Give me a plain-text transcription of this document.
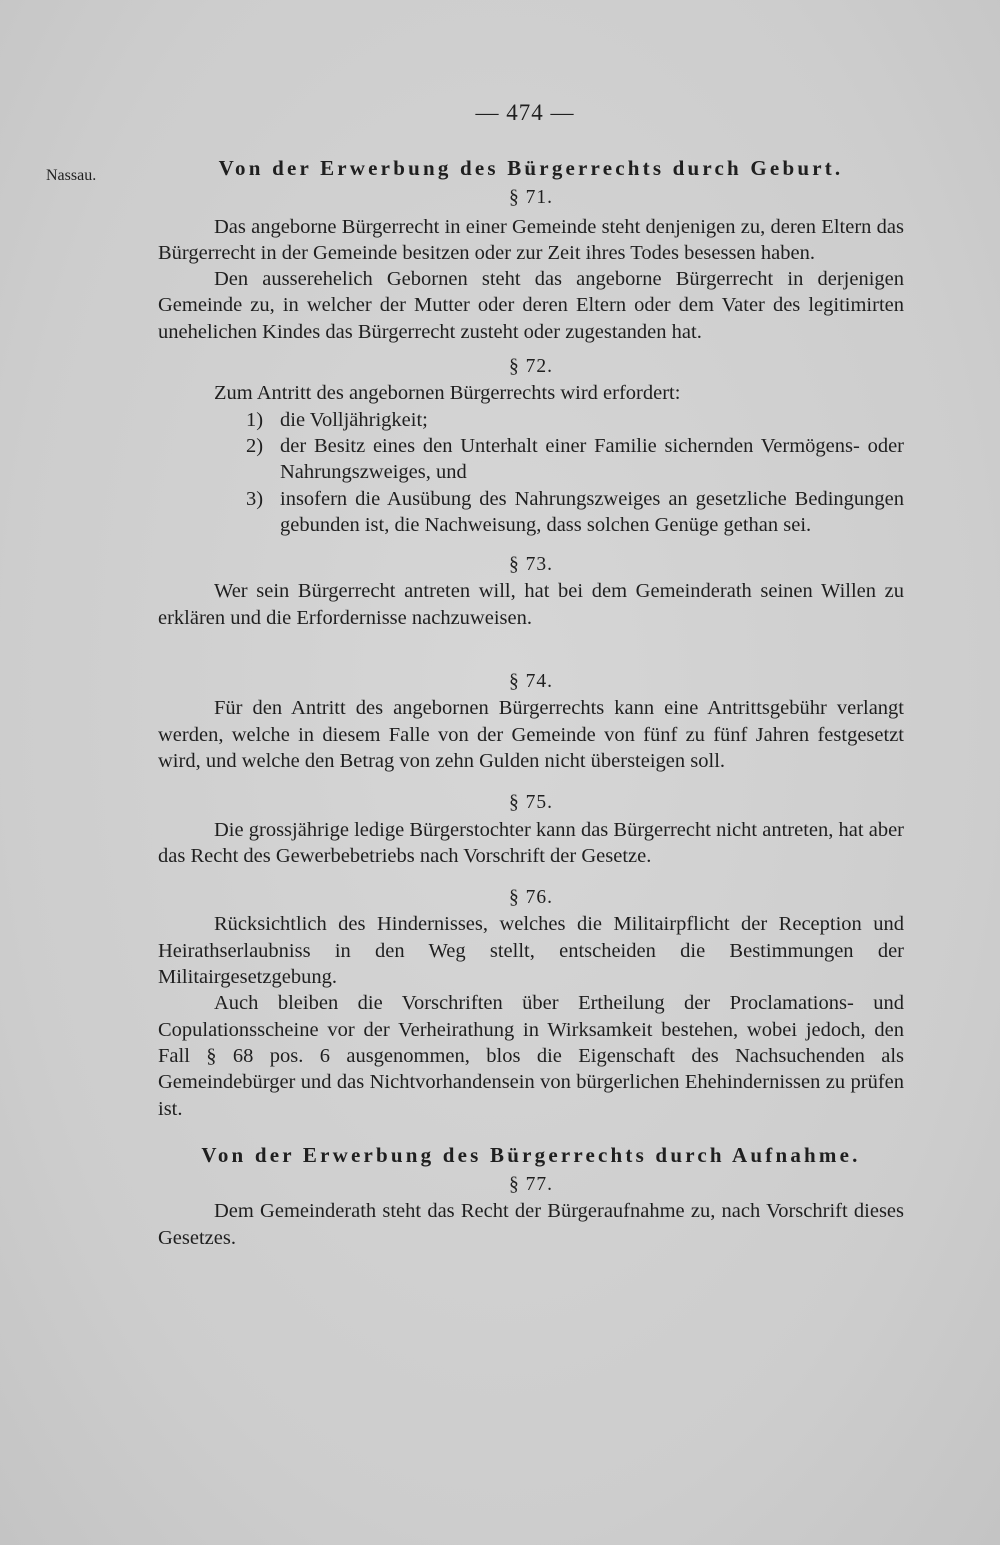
— 474 —
Nassau.	Von der Erwerbung des Bürgerrechts durch Geburt.
§ 71.

Das angeborne Bürgerrecht in einer Gemeinde steht denjenigen zu, deren Eltern das Bürgerrecht in der Gemeinde besitzen oder zur Zeit ihres Todes besessen haben.

Den ausserehelich Gebornen steht das angeborne Bürgerrecht in derjenigen Gemeinde zu, in welcher der Mutter oder deren Eltern oder dem Vater des legitimirten unehelichen Kindes das Bürgerrecht zusteht oder zugestanden hat.

§ 72.

Zum Antritt des angebornen Bürgerrechts wird erfordert:

1) die Volljährigkeit;
2) der Besitz eines den Unterhalt einer Familie sichernden Vermögens- oder Nahrungszweiges, und
3) insofern die Ausübung des Nahrungszweiges an gesetzliche Bedingungen gebunden ist, die Nachweisung, dass solchen Genüge gethan sei.
§ 73.

Wer sein Bürgerrecht antreten will, hat bei dem Gemeinderath seinen Willen zu erklären und die Erfordernisse nachzuweisen.

§ 74.

Für den Antritt des angebornen Bürgerrechts kann eine Antrittsgebühr verlangt werden, welche in diesem Falle von der Gemeinde von fünf zu fünf Jahren festgesetzt wird, und welche den Betrag von zehn Gulden nicht übersteigen soll.

§ 75.

Die grossjährige ledige Bürgerstochter kann das Bürgerrecht nicht antreten, hat aber das Recht des Gewerbebetriebs nach Vorschrift der Gesetze.

§ 76.

Rücksichtlich des Hindernisses, welches die Militairpflicht der Reception und Heirathserlaubniss in den Weg stellt, entscheiden die Bestimmungen der Militairgesetzgebung.

Auch bleiben die Vorschriften über Ertheilung der Proclamations- und Copulationsscheine vor der Verheirathung in Wirksamkeit bestehen, wobei jedoch, den Fall § 68 pos. 6 ausgenommen, blos die Eigenschaft des Nachsuchenden als Gemeindebürger und das Nichtvorhandensein von bürgerlichen Ehehindernissen zu prüfen ist.

Von der Erwerbung des Bürgerrechts durch Aufnahme.
§ 77.

Dem Gemeinderath steht das Recht der Bürgeraufnahme zu, nach Vorschrift dieses Gesetzes.
